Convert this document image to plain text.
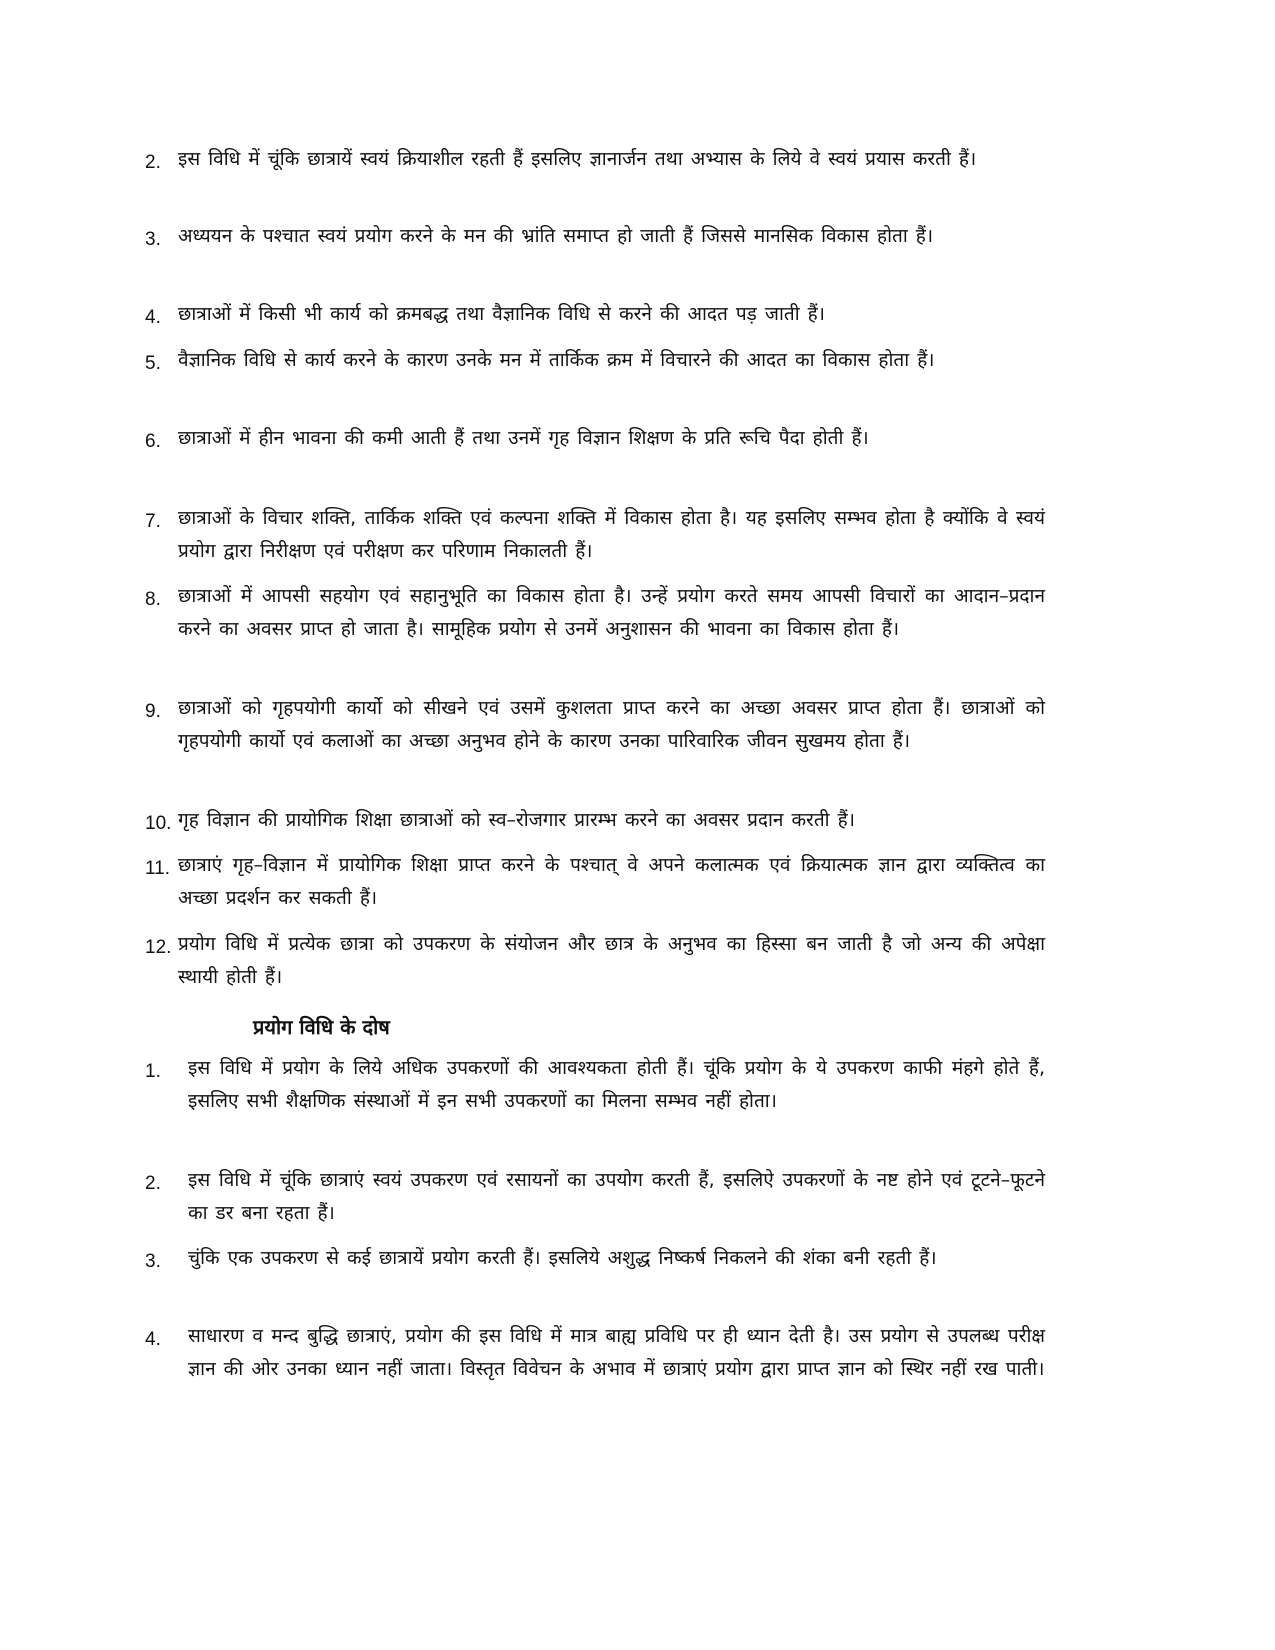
2. इस विधि में चूंकि छात्रायें स्वयं क्रियाशील रहती हैं इसलिए ज्ञानार्जन तथा अभ्यास के लिये वे स्वयं प्रयास करती हैं।
3. अध्ययन के पश्चात स्वयं प्रयोग करने के मन की भ्रांति समाप्त हो जाती हैं जिससे मानसिक विकास होता हैं।
4. छात्राओं में किसी भी कार्य को क्रमबद्ध तथा वैज्ञानिक विधि से करने की आदत पड़ जाती हैं।
5. वैज्ञानिक विधि से कार्य करने के कारण उनके मन में तार्किक क्रम में विचारने की आदत का विकास होता हैं।
6. छात्राओं में हीन भावना की कमी आती हैं तथा उनमें गृह विज्ञान शिक्षण के प्रति रूचि पैदा होती हैं।
7. छात्राओं के विचार शक्ति, तार्किक शक्ति एवं कल्पना शक्ति में विकास होता है। यह इसलिए सम्भव होता है क्योंकि वे स्वयं प्रयोग द्वारा निरीक्षण एवं परीक्षण कर परिणाम निकालती हैं।
8. छात्राओं में आपसी सहयोग एवं सहानुभूति का विकास होता है। उन्हें प्रयोग करते समय आपसी विचारों का आदान–प्रदान करने का अवसर प्राप्त हो जाता है। सामूहिक प्रयोग से उनमें अनुशासन की भावना का विकास होता हैं।
9. छात्राओं को गृहपयोगी कार्यो को सीखने एवं उसमें कुशलता प्राप्त करने का अच्छा अवसर प्राप्त होता हैं। छात्राओं को गृहपयोगी कार्यो एवं कलाओं का अच्छा अनुभव होने के कारण उनका पारिवारिक जीवन सुखमय होता हैं।
10. गृह विज्ञान की प्रायोगिक शिक्षा छात्राओं को स्व–रोजगार प्रारम्भ करने का अवसर प्रदान करती हैं।
11. छात्राएं गृह–विज्ञान में प्रायोगिक शिक्षा प्राप्त करने के पश्चात् वे अपने कलात्मक एवं क्रियात्मक ज्ञान द्वारा व्यक्तित्व का अच्छा प्रदर्शन कर सकती हैं।
12. प्रयोग विधि में प्रत्येक छात्रा को उपकरण के संयोजन और छात्र के अनुभव का हिस्सा बन जाती है जो अन्य की अपेक्षा स्थायी होती हैं।
प्रयोग विधि के दोष
1. इस विधि में प्रयोग के लिये अधिक उपकरणों की आवश्यकता होती हैं। चूंकि प्रयोग के ये उपकरण काफी मंहगे होते हैं, इसलिए सभी शैक्षणिक संस्थाओं में इन सभी उपकरणों का मिलना सम्भव नहीं होता।
2. इस विधि में चूंकि छात्राएं स्वयं उपकरण एवं रसायनों का उपयोग करती हैं, इसलिऐ उपकरणों के नष्ट होने एवं टूटने–फूटने का डर बना रहता हैं।
3. चुंकि एक उपकरण से कई छात्रायें प्रयोग करती हैं। इसलिये अशुद्ध निष्कर्ष निकलने की शंका बनी रहती हैं।
4. साधारण व मन्द बुद्धि छात्राएं, प्रयोग की इस विधि में मात्र बाह्य प्रविधि पर ही ध्यान देती है। उस प्रयोग से उपलब्ध परीक्ष ज्ञान की ओर उनका ध्यान नहीं जाता। विस्तृत विवेचन के अभाव में छात्राएं प्रयोग द्वारा प्राप्त ज्ञान को स्थिर नहीं रख पाती।
